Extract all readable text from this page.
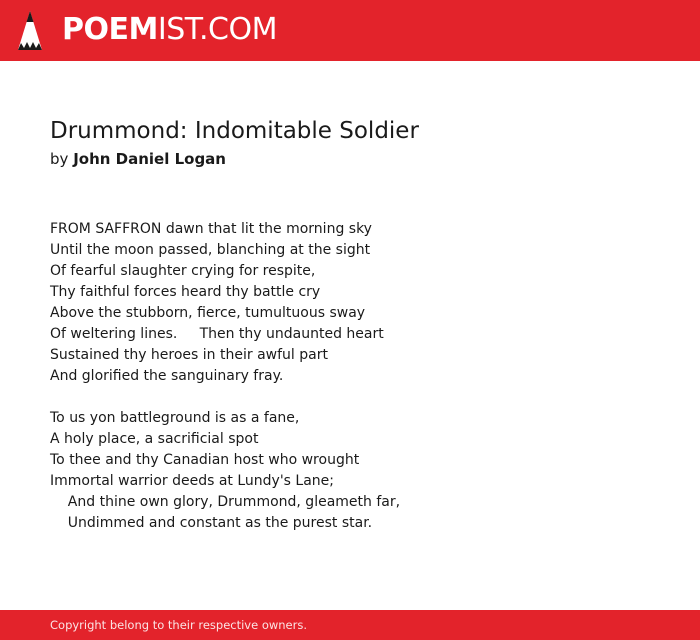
POEMIST.COM
Drummond: Indomitable Soldier
by John Daniel Logan
FROM SAFFRON dawn that lit the morning sky
Until the moon passed, blanching at the sight
Of fearful slaughter crying for respite,
Thy faithful forces heard thy battle cry
Above the stubborn, fierce, tumultuous sway
Of weltering lines.     Then thy undaunted heart
Sustained thy heroes in their awful part
And glorified the sanguinary fray.
To us yon battleground is as a fane,
A holy place, a sacrificial spot
To thee and thy Canadian host who wrought
Immortal warrior deeds at Lundy's Lane;
And thine own glory, Drummond, gleameth far,
Undimmed and constant as the purest star.
Copyright belong to their respective owners.
